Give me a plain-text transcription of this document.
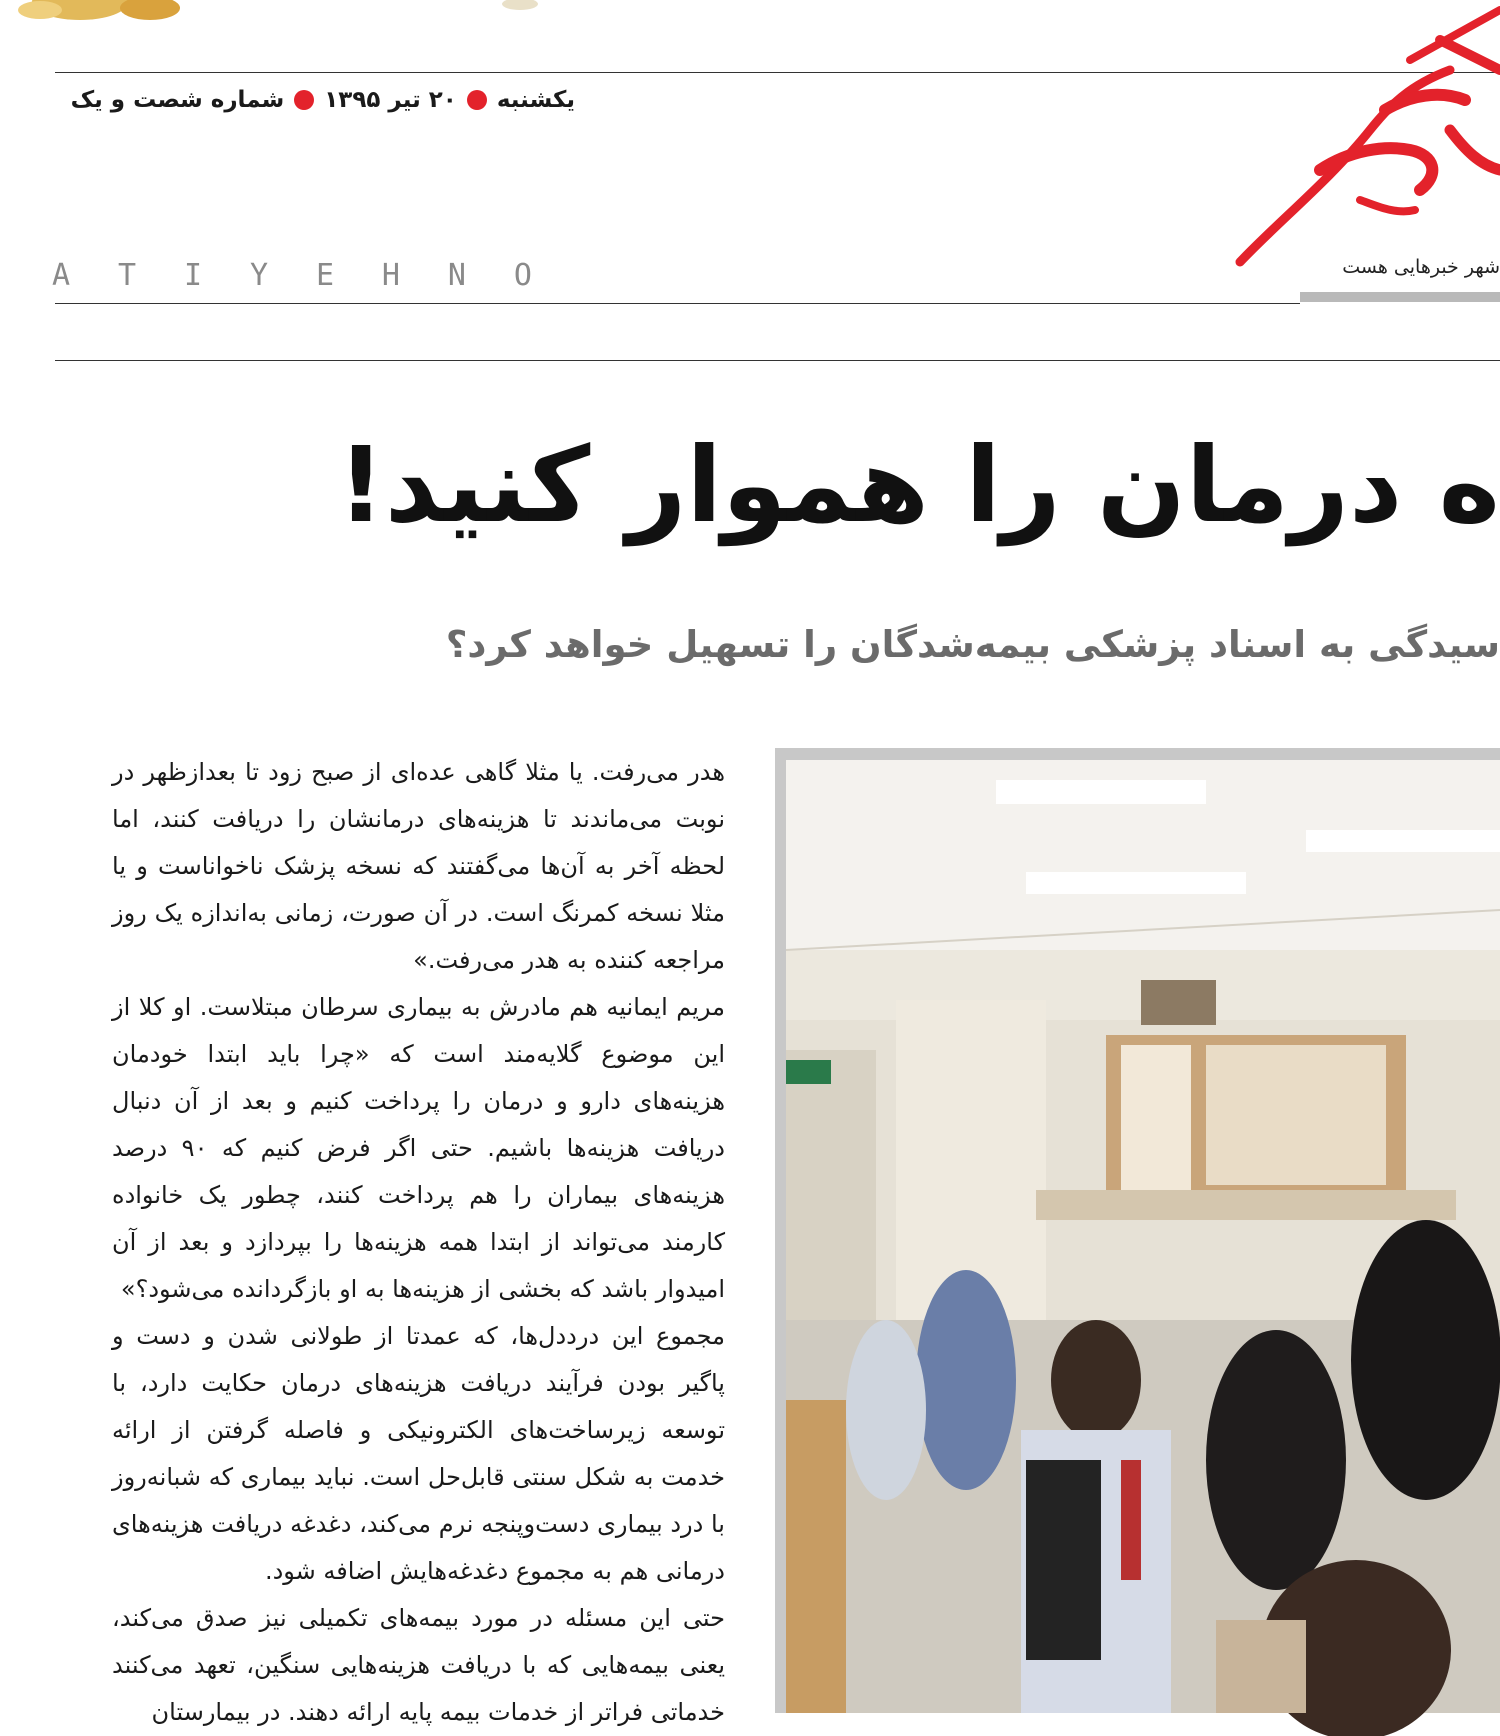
یکشنبه
۲۰ تیر ۱۳۹۵
شماره شصت و یک
شهر خبرهایی هست
A T I Y E H N O
ه درمان را هموار کنید!
سیدگی به اسناد پزشکی بیمه‌شدگان را تسهیل خواهد کرد؟

هدر می‌رفت. یا مثلا گاهی عده‌ای از صبح زود تا بعدازظهر در نوبت می‌ماندند تا هزینه‌های درمانشان را دریافت کنند، اما لحظه آخر به آن‌ها می‌گفتند که نسخه پزشک ناخواناست و یا مثلا نسخه کمرنگ است. در آن صورت، زمانی به‌اندازه یک روز مراجعه کننده به هدر می‌رفت.»

مریم ایمانیه هم مادرش به بیماری سرطان مبتلاست. او کلا از این موضوع گلایه‌مند است که «چرا باید ابتدا خودمان هزینه‌های دارو و درمان را پرداخت کنیم و بعد از آن دنبال دریافت هزینه‌ها باشیم. حتی اگر فرض کنیم که ۹۰ درصد هزینه‌های بیماران را هم پرداخت کنند، چطور یک خانواده کارمند می‌تواند از ابتدا همه هزینه‌ها را بپردازد و بعد از آن امیدوار باشد که بخشی از هزینه‌ها به او بازگردانده می‌شود؟»

مجموع این درددل‌ها، که عمدتا از طولانی شدن و دست و پاگیر بودن فرآیند دریافت هزینه‌های درمان حکایت دارد، با توسعه زیرساخت‌های الکترونیکی و فاصله گرفتن از ارائه خدمت به شکل سنتی قابل‌حل است. نباید بیماری که شبانه‌روز با درد بیماری دست‌وپنجه نرم می‌کند، دغدغه دریافت هزینه‌های درمانی هم به مجموع دغدغه‌هایش اضافه شود.

حتی این مسئله در مورد بیمه‌های تکمیلی نیز صدق می‌کند، یعنی بیمه‌هایی که با دریافت هزینه‌هایی سنگین، تعهد می‌کنند خدماتی فراتر از خدمات بیمه پایه ارائه دهند. در بیمارستان
